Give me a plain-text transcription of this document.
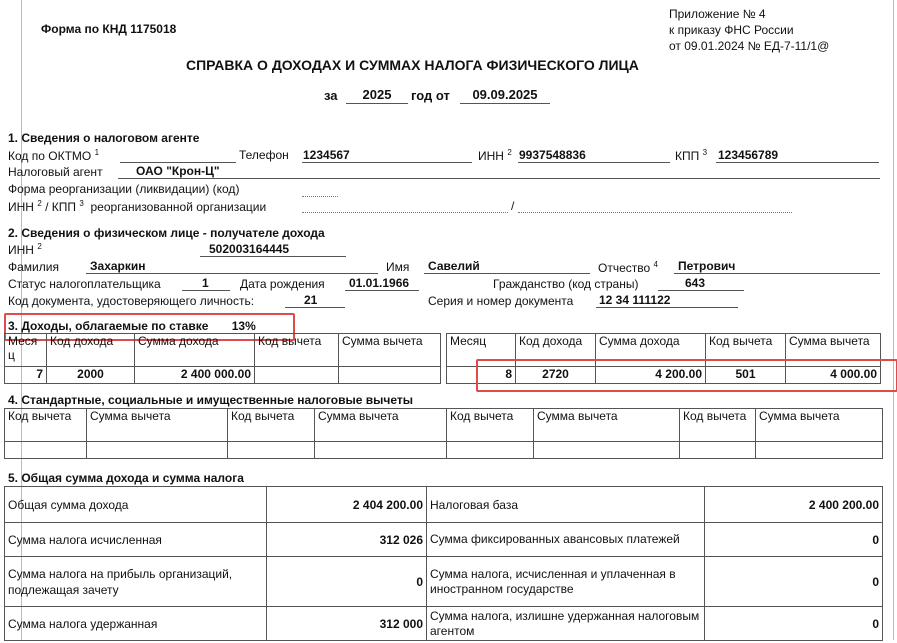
Форма по КНД 1175018
Приложение № 4
к приказу ФНС России
от 09.01.2024 № ЕД-7-11/1@
СПРАВКА О ДОХОДАХ И СУММАХ НАЛОГА ФИЗИЧЕСКОГО ЛИЦА
за	2025	год от	09.09.2025
1. Сведения о налоговом агенте
Код по ОКТМО $^1$	Телефон 1234567	ИНН $^2$ 9937548836	КПП $^3$ 123456789
Налоговый агент	ОАО "Крон-Ц"
Форма реорганизации (ликвидации) (код)
ИНН $^2$ / КПП $^3$ реорганизованной организации	/
2. Сведения о физическом лице - получателе дохода
ИНН $^2$	502003164445
Фамилия	Захаркин	Имя Савелий	Отчество $^4$ Петрович
Статус налогоплательщика	1	Дата рождения 01.01.1966	Гражданство (код страны)	643
Код документа, удостоверяющего личность:	21	Серия и номер документа 12 34 111122
3. Доходы, облагаемые по ставке 13%
Меся ц	Код дохода	Сумма дохода	Код вычета	Сумма вычета
7	2000	2 400 000.00		
Месяц	Код дохода	Сумма дохода	Код вычета	Сумма вычета
8	2720	4 200.00	501	4 000.00
4. Стандартные, социальные и имущественные налоговые вычеты
Код вычета	Сумма вычета	Код вычета	Сумма вычета	Код вычета	Сумма вычета	Код вычета	Сумма вычета

5. Общая сумма дохода и сумма налога
Общая сумма дохода	2 404 200.00	Налоговая база	2 400 200.00
Сумма налога исчисленная	312 026	Сумма фиксированных авансовых платежей	0
Сумма налога на прибыль организаций, подлежащая зачету	0	Сумма налога, исчисленная и уплаченная в иностранном государстве	0
Сумма налога удержанная	312 000	Сумма налога, излишне удержанная налоговым агентом	0
